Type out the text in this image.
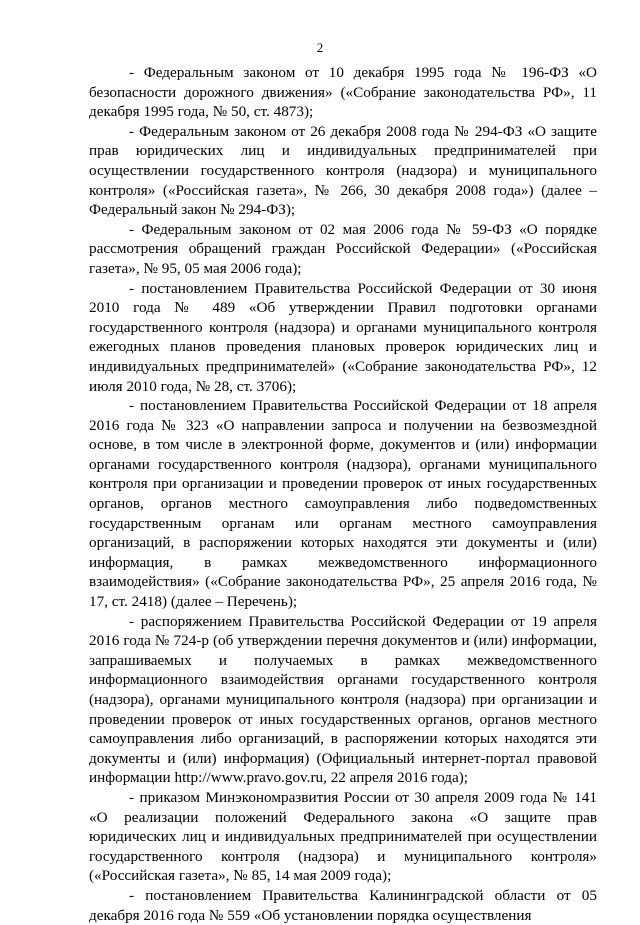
2

- Федеральным законом от 10 декабря 1995 года № 196-ФЗ «О безопасности дорожного движения» («Собрание законодательства РФ», 11 декабря 1995 года, № 50, ст. 4873);

- Федеральным законом от 26 декабря 2008 года № 294-ФЗ «О защите прав юридических лиц и индивидуальных предпринимателей при осуществлении государственного контроля (надзора) и муниципального контроля» («Российская газета», № 266, 30 декабря 2008 года») (далее – Федеральный закон № 294-ФЗ);

- Федеральным законом от 02 мая 2006 года № 59-ФЗ «О порядке рассмотрения обращений граждан Российской Федерации» («Российская газета», № 95, 05 мая 2006 года);

- постановлением Правительства Российской Федерации от 30 июня 2010 года № 489 «Об утверждении Правил подготовки органами государственного контроля (надзора) и органами муниципального контроля ежегодных планов проведения плановых проверок юридических лиц и индивидуальных предпринимателей» («Собрание законодательства РФ», 12 июля 2010 года, № 28, ст. 3706);

- постановлением Правительства Российской Федерации от 18 апреля 2016 года № 323 «О направлении запроса и получении на безвозмездной основе, в том числе в электронной форме, документов и (или) информации органами государственного контроля (надзора), органами муниципального контроля при организации и проведении проверок от иных государственных органов, органов местного самоуправления либо подведомственных государственным органам или органам местного самоуправления организаций, в распоряжении которых находятся эти документы и (или) информация, в рамках межведомственного информационного взаимодействия» («Собрание законодательства РФ», 25 апреля 2016 года, № 17, ст. 2418) (далее – Перечень);

- распоряжением Правительства Российской Федерации от 19 апреля 2016 года № 724-р (об утверждении перечня документов и (или) информации, запрашиваемых и получаемых в рамках межведомственного информационного взаимодействия органами государственного контроля (надзора), органами муниципального контроля (надзора) при организации и проведении проверок от иных государственных органов, органов местного самоуправления либо организаций, в распоряжении которых находятся эти документы и (или) информация) (Официальный интернет-портал правовой информации http://www.pravo.gov.ru, 22 апреля 2016 года);

- приказом Минэкономразвития России от 30 апреля 2009 года № 141 «О реализации положений Федерального закона «О защите прав юридических лиц и индивидуальных предпринимателей при осуществлении государственного контроля (надзора) и муниципального контроля» («Российская газета», № 85, 14 мая 2009 года);

- постановлением Правительства Калининградской области от 05 декабря 2016 года № 559 «Об установлении порядка осуществления
